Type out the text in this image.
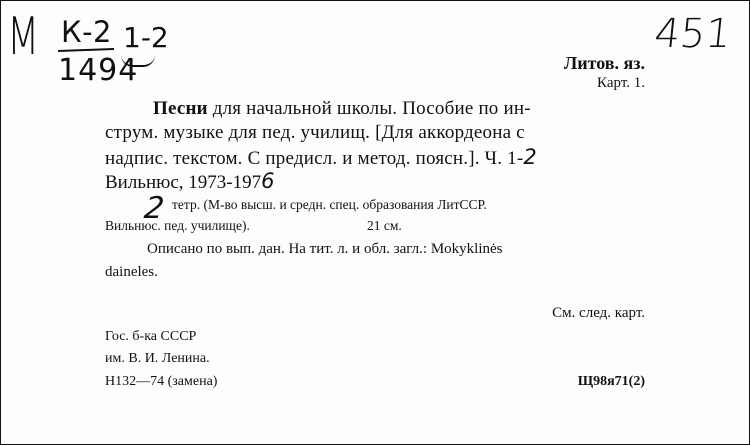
М К-2
1494
1-2	451
Литов. яз.
Карт. 1.
Песни для начальной школы. Пособие по ин-
струм. музыке для пед. училищ. [Для аккордеона с
надпис. текстом. С предисл. и метод. поясн.]. Ч. 1-2
Вильнюс, 1973-1976
2 тетр. (М-во высш. и средн. спец. образования ЛитССР.
Вильнюс. пед. училище).	21 см.
Описано по вып. дан. На тит. л. и обл. загл.: Mokyklinės
daineles.
См. след. карт.
Гос. б-ка СССР
им. В. И. Ленина.
Н132—74 (замена)	Щ98я71(2)
